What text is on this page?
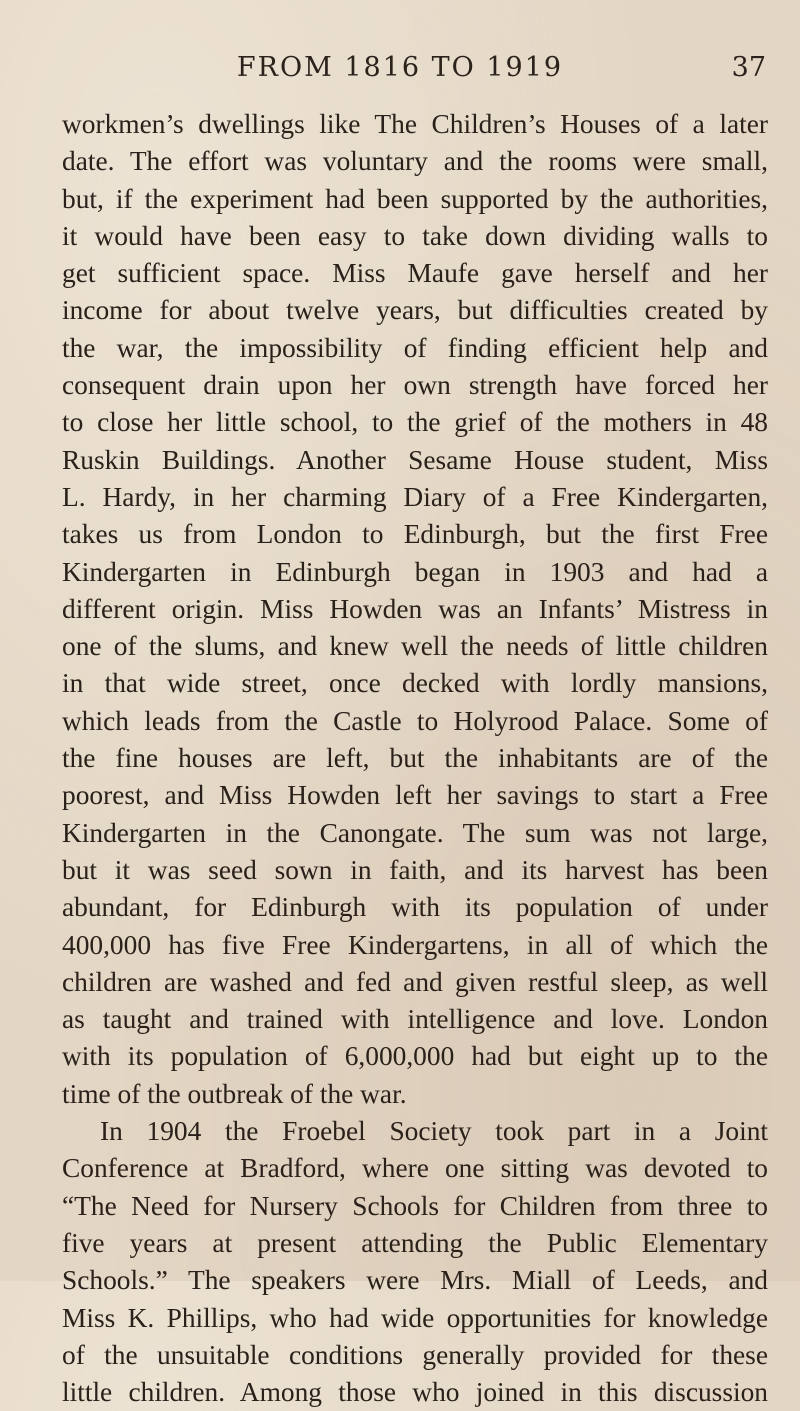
FROM 1816 TO 1919	37
workmen’s dwellings like The Children’s Houses of a later
date. The effort was voluntary and the rooms were small,
but, if the experiment had been supported by the authorities,
it would have been easy to take down dividing walls to
get sufficient space. Miss Maufe gave herself and her
income for about twelve years, but difficulties created by
the war, the impossibility of finding efficient help and
consequent drain upon her own strength have forced her
to close her little school, to the grief of the mothers in 48
Ruskin Buildings. Another Sesame House student, Miss
L. Hardy, in her charming Diary of a Free Kindergarten,
takes us from London to Edinburgh, but the first Free
Kindergarten in Edinburgh began in 1903 and had a
different origin. Miss Howden was an Infants’ Mistress in
one of the slums, and knew well the needs of little children
in that wide street, once decked with lordly mansions,
which leads from the Castle to Holyrood Palace. Some of
the fine houses are left, but the inhabitants are of the
poorest, and Miss Howden left her savings to start a Free
Kindergarten in the Canongate. The sum was not large,
but it was seed sown in faith, and its harvest has been
abundant, for Edinburgh with its population of under
400,000 has five Free Kindergartens, in all of which the
children are washed and fed and given restful sleep, as well
as taught and trained with intelligence and love. London
with its population of 6,000,000 had but eight up to the
time of the outbreak of the war.
In 1904 the Froebel Society took part in a Joint
Conference at Bradford, where one sitting was devoted to
“The Need for Nursery Schools for Children from three to
five years at present attending the Public Elementary
Schools.” The speakers were Mrs. Miall of Leeds, and
Miss K. Phillips, who had wide opportunities for knowledge
of the unsuitable conditions generally provided for these
little children. Among those who joined in this discussion
